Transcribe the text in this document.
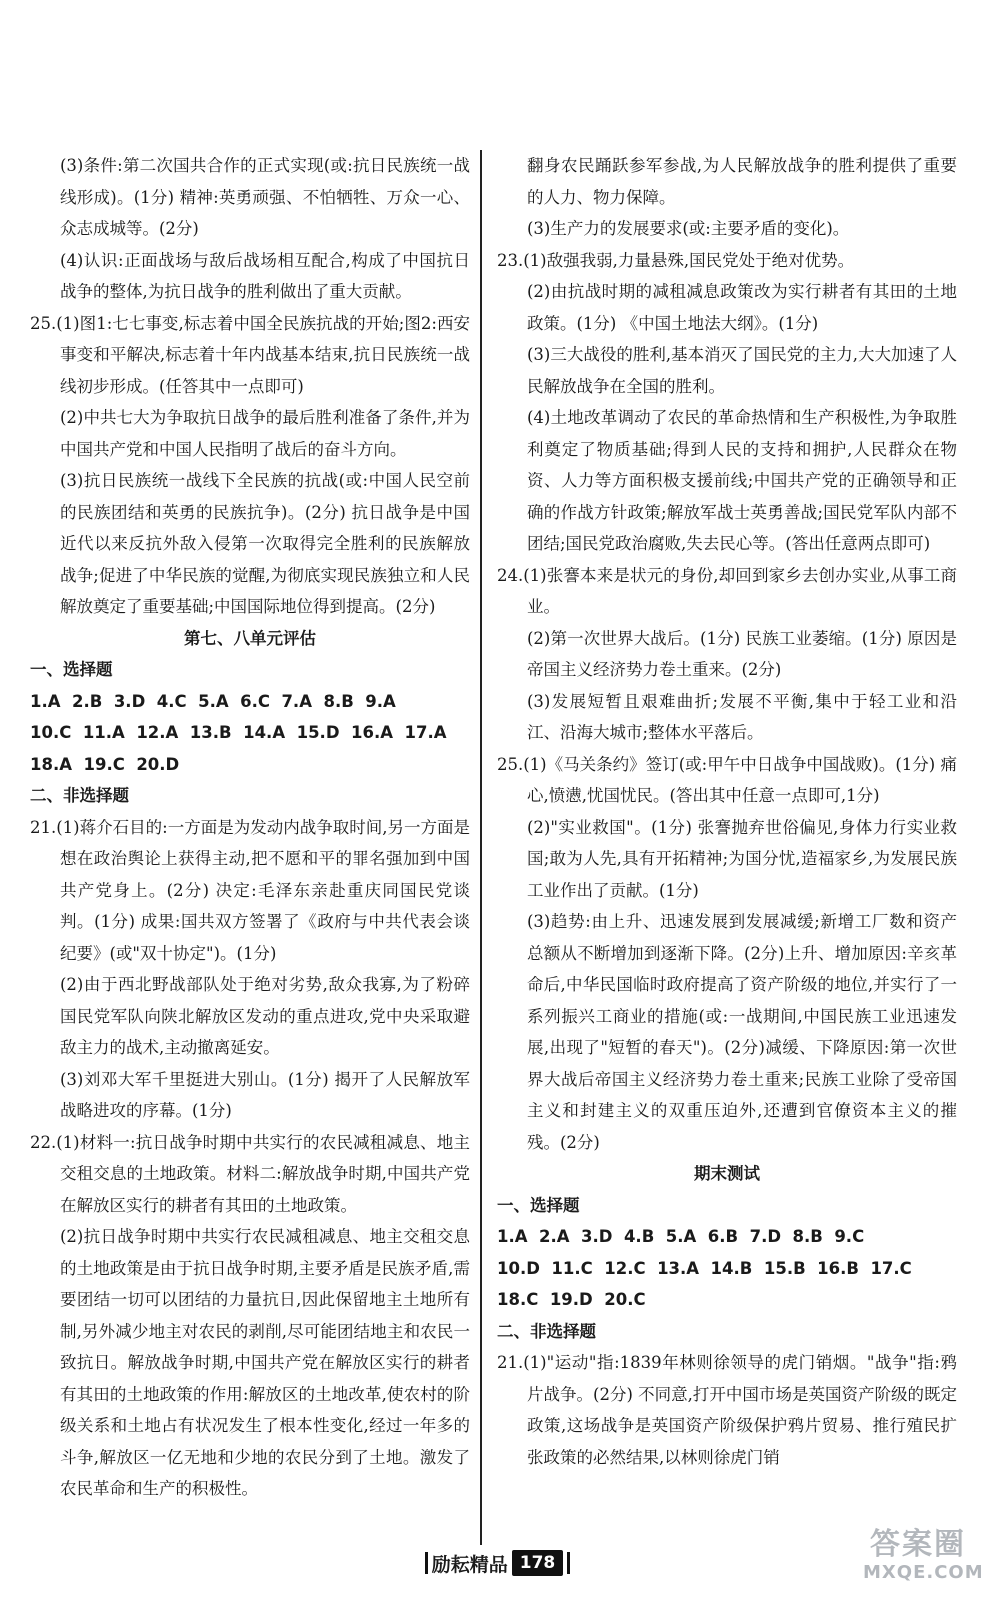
(3)条件:第二次国共合作的正式实现(或:抗日民族统一战线形成)。(1分) 精神:英勇顽强、不怕牺牲、万众一心、众志成城等。(2分)

(4)认识:正面战场与敌后战场相互配合,构成了中国抗日战争的整体,为抗日战争的胜利做出了重大贡献。

25.(1)图1:七七事变,标志着中国全民族抗战的开始;图2:西安事变和平解决,标志着十年内战基本结束,抗日民族统一战线初步形成。(任答其中一点即可)

(2)中共七大为争取抗日战争的最后胜利准备了条件,并为中国共产党和中国人民指明了战后的奋斗方向。

(3)抗日民族统一战线下全民族的抗战(或:中国人民空前的民族团结和英勇的民族抗争)。(2分) 抗日战争是中国近代以来反抗外敌入侵第一次取得完全胜利的民族解放战争;促进了中华民族的觉醒,为彻底实现民族独立和人民解放奠定了重要基础;中国国际地位得到提高。(2分)

第七、八单元评估

一、选择题

1.A  2.B  3.D  4.C  5.A  6.C  7.A  8.B  9.A

10.C  11.A  12.A  13.B  14.A  15.D  16.A  17.A

18.A  19.C  20.D

二、非选择题

21.(1)蒋介石目的:一方面是为发动内战争取时间,另一方面是想在政治舆论上获得主动,把不愿和平的罪名强加到中国共产党身上。(2分) 决定:毛泽东亲赴重庆同国民党谈判。(1分) 成果:国共双方签署了《政府与中共代表会谈纪要》(或"双十协定")。(1分)

(2)由于西北野战部队处于绝对劣势,敌众我寡,为了粉碎国民党军队向陕北解放区发动的重点进攻,党中央采取避敌主力的战术,主动撤离延安。

(3)刘邓大军千里挺进大别山。(1分) 揭开了人民解放军战略进攻的序幕。(1分)

22.(1)材料一:抗日战争时期中共实行的农民减租减息、地主交租交息的土地政策。材料二:解放战争时期,中国共产党在解放区实行的耕者有其田的土地政策。

(2)抗日战争时期中共实行农民减租减息、地主交租交息的土地政策是由于抗日战争时期,主要矛盾是民族矛盾,需要团结一切可以团结的力量抗日,因此保留地主土地所有制,另外减少地主对农民的剥削,尽可能团结地主和农民一致抗日。解放战争时期,中国共产党在解放区实行的耕者有其田的土地政策的作用:解放区的土地改革,使农村的阶级关系和土地占有状况发生了根本性变化,经过一年多的斗争,解放区一亿无地和少地的农民分到了土地。激发了农民革命和生产的积极性。

翻身农民踊跃参军参战,为人民解放战争的胜利提供了重要的人力、物力保障。

(3)生产力的发展要求(或:主要矛盾的变化)。

23.(1)敌强我弱,力量悬殊,国民党处于绝对优势。

(2)由抗战时期的减租减息政策改为实行耕者有其田的土地政策。(1分) 《中国土地法大纲》。(1分)

(3)三大战役的胜利,基本消灭了国民党的主力,大大加速了人民解放战争在全国的胜利。

(4)土地改革调动了农民的革命热情和生产积极性,为争取胜利奠定了物质基础;得到人民的支持和拥护,人民群众在物资、人力等方面积极支援前线;中国共产党的正确领导和正确的作战方针政策;解放军战士英勇善战;国民党军队内部不团结;国民党政治腐败,失去民心等。(答出任意两点即可)

24.(1)张謇本来是状元的身份,却回到家乡去创办实业,从事工商业。

(2)第一次世界大战后。(1分) 民族工业萎缩。(1分) 原因是帝国主义经济势力卷土重来。(2分)

(3)发展短暂且艰难曲折;发展不平衡,集中于轻工业和沿江、沿海大城市;整体水平落后。

25.(1)《马关条约》签订(或:甲午中日战争中国战败)。(1分) 痛心,愤懑,忧国忧民。(答出其中任意一点即可,1分)

(2)"实业救国"。(1分) 张謇抛弃世俗偏见,身体力行实业救国;敢为人先,具有开拓精神;为国分忧,造福家乡,为发展民族工业作出了贡献。(1分)

(3)趋势:由上升、迅速发展到发展减缓;新增工厂数和资产总额从不断增加到逐渐下降。(2分)上升、增加原因:辛亥革命后,中华民国临时政府提高了资产阶级的地位,并实行了一系列振兴工商业的措施(或:一战期间,中国民族工业迅速发展,出现了"短暂的春天")。(2分)减缓、下降原因:第一次世界大战后帝国主义经济势力卷土重来;民族工业除了受帝国主义和封建主义的双重压迫外,还遭到官僚资本主义的摧残。(2分)

期末测试

一、选择题

1.A  2.A  3.D  4.B  5.A  6.B  7.D  8.B  9.C

10.D  11.C  12.C  13.A  14.B  15.B  16.B  17.C

18.C  19.D  20.C

二、非选择题

21.(1)"运动"指:1839年林则徐领导的虎门销烟。"战争"指:鸦片战争。(2分) 不同意,打开中国市场是英国资产阶级的既定政策,这场战争是英国资产阶级保护鸦片贸易、推行殖民扩张政策的必然结果,以林则徐虎门销

励耘精品 178
答案圈
MXQE.COM
